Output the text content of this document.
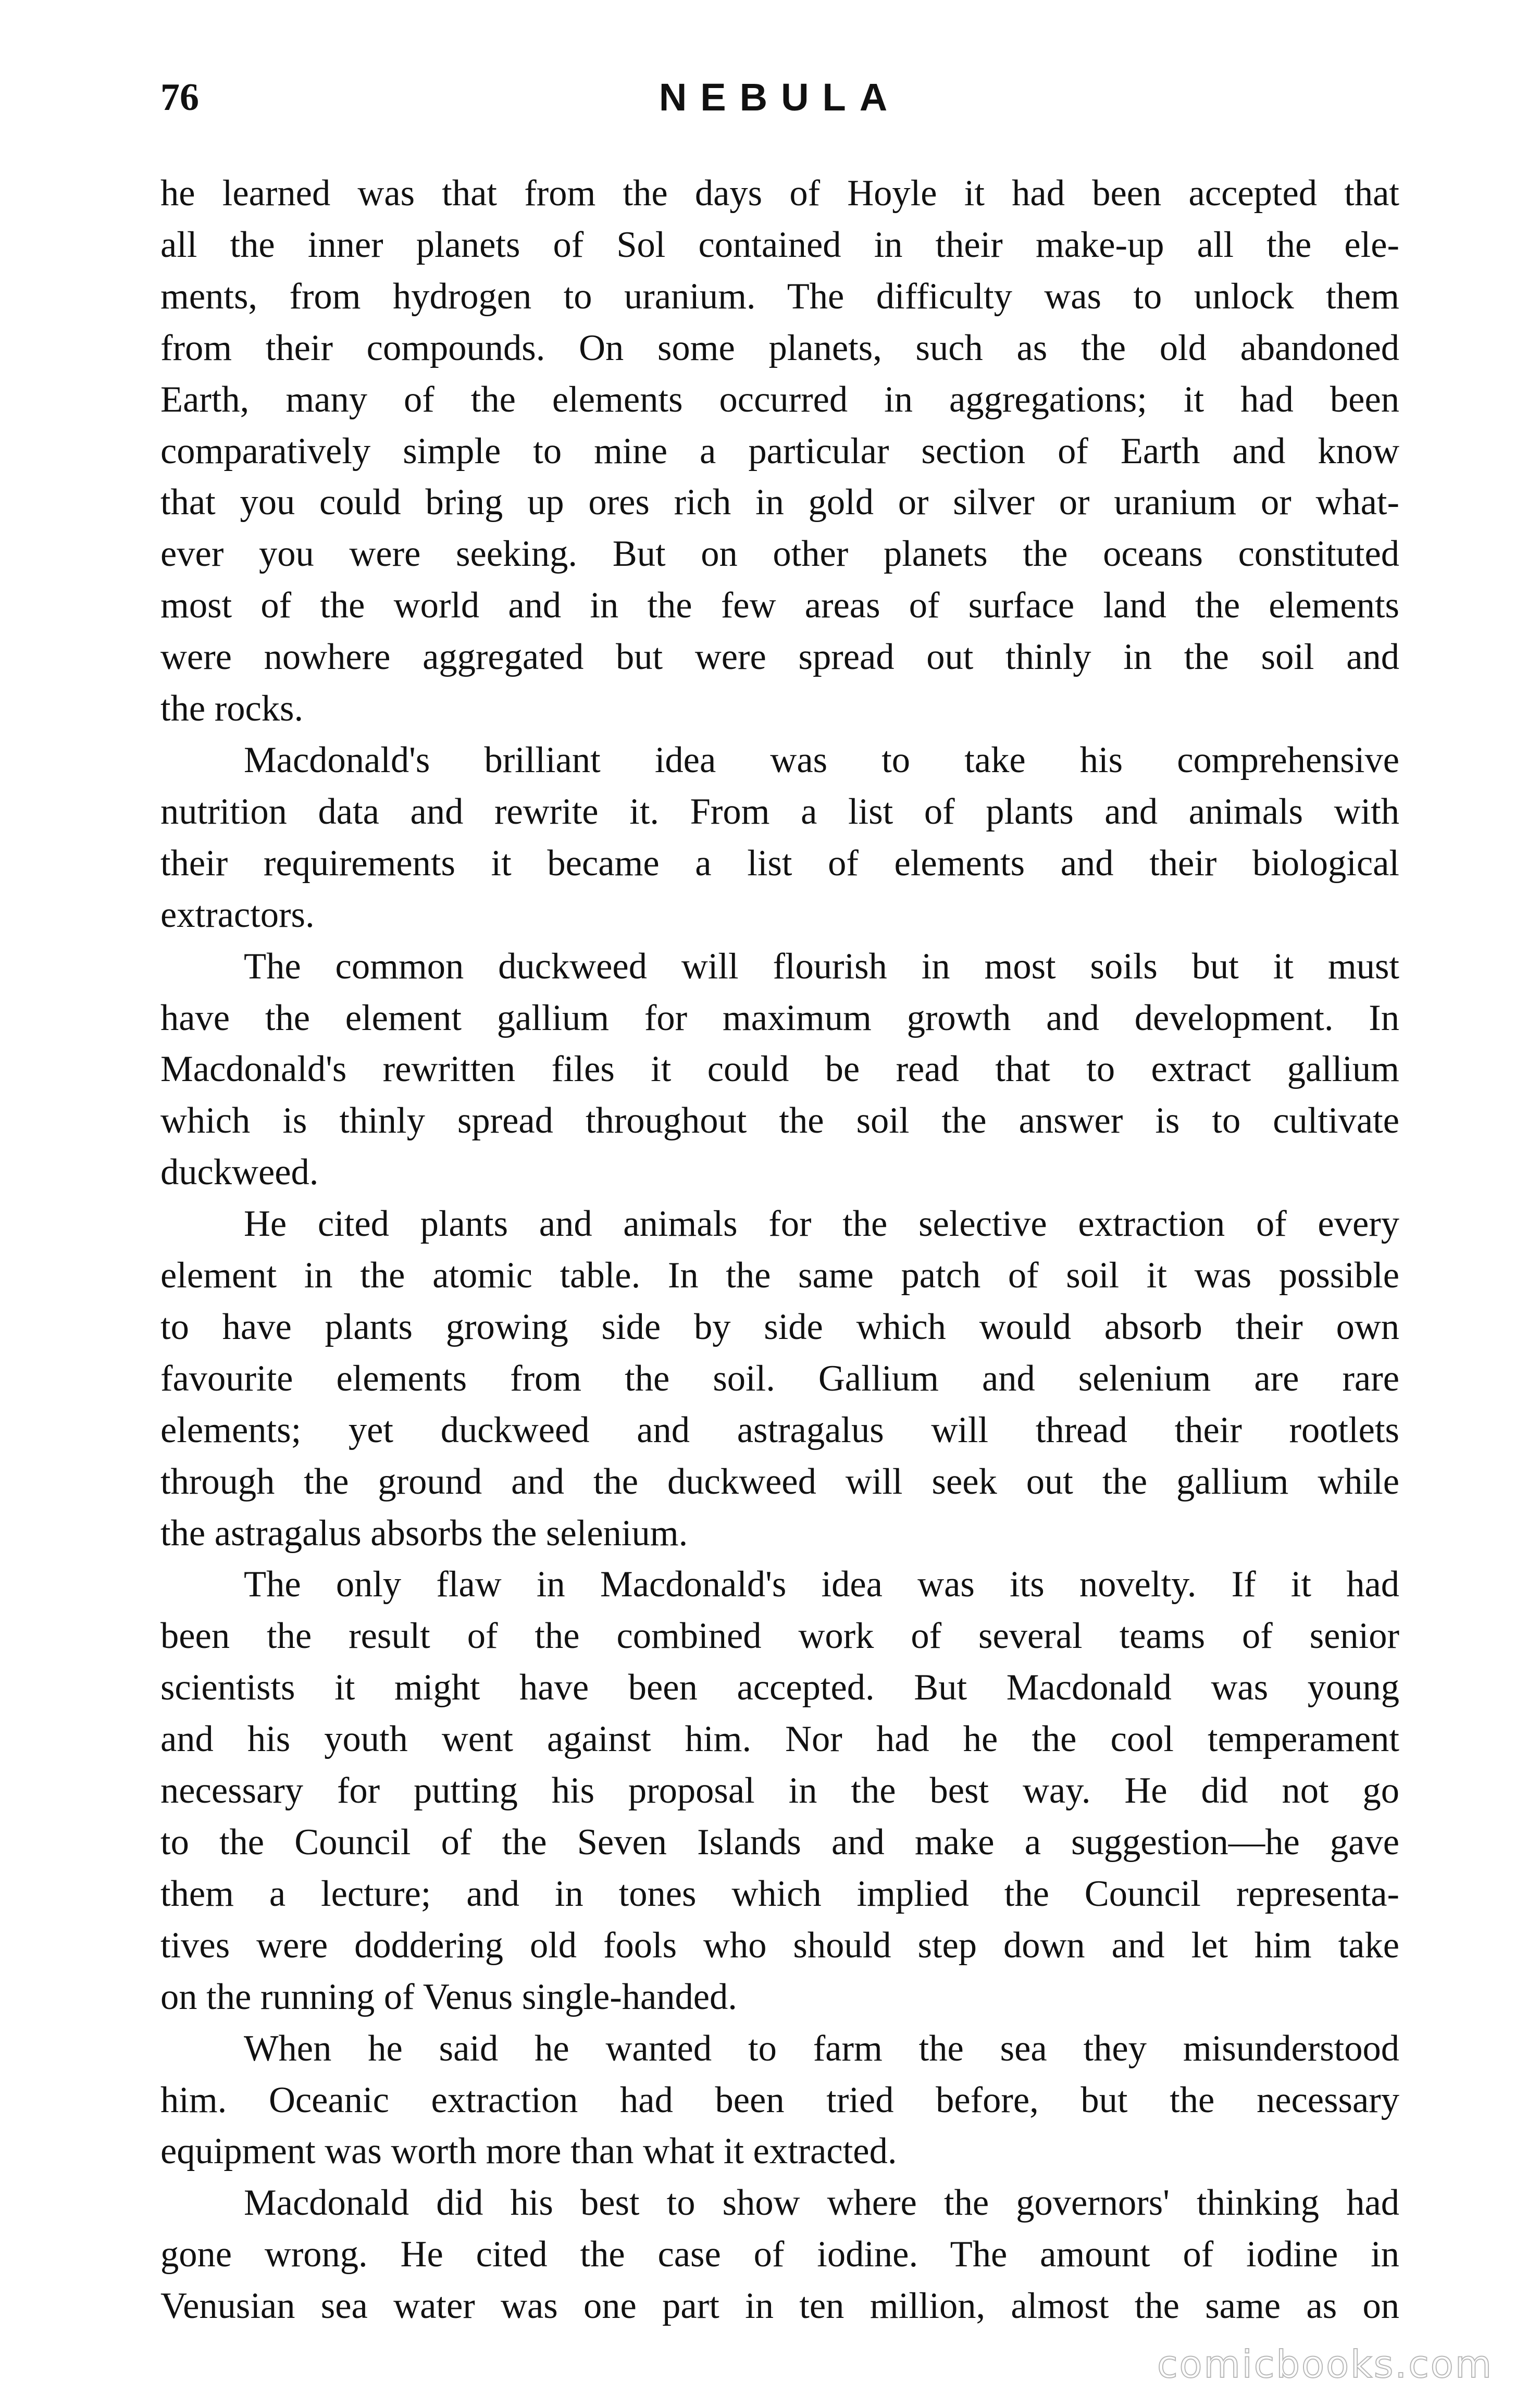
76	NEBULA
he learned was that from the days of Hoyle it had been accepted that
all the inner planets of Sol contained in their make-up all the ele-
ments, from hydrogen to uranium. The difficulty was to unlock them
from their compounds. On some planets, such as the old abandoned
Earth, many of the elements occurred in aggregations; it had been
comparatively simple to mine a particular section of Earth and know
that you could bring up ores rich in gold or silver or uranium or what-
ever you were seeking. But on other planets the oceans constituted
most of the world and in the few areas of surface land the elements
were nowhere aggregated but were spread out thinly in the soil and
the rocks.
Macdonald's brilliant idea was to take his comprehensive
nutrition data and rewrite it. From a list of plants and animals with
their requirements it became a list of elements and their biological
extractors.
The common duckweed will flourish in most soils but it must
have the element gallium for maximum growth and development. In
Macdonald's rewritten files it could be read that to extract gallium
which is thinly spread throughout the soil the answer is to cultivate
duckweed.
He cited plants and animals for the selective extraction of every
element in the atomic table. In the same patch of soil it was possible
to have plants growing side by side which would absorb their own
favourite elements from the soil. Gallium and selenium are rare
elements; yet duckweed and astragalus will thread their rootlets
through the ground and the duckweed will seek out the gallium while
the astragalus absorbs the selenium.
The only flaw in Macdonald's idea was its novelty. If it had
been the result of the combined work of several teams of senior
scientists it might have been accepted. But Macdonald was young
and his youth went against him. Nor had he the cool temperament
necessary for putting his proposal in the best way. He did not go
to the Council of the Seven Islands and make a suggestion—he gave
them a lecture; and in tones which implied the Council representa-
tives were doddering old fools who should step down and let him take
on the running of Venus single-handed.
When he said he wanted to farm the sea they misunderstood
him. Oceanic extraction had been tried before, but the necessary
equipment was worth more than what it extracted.
Macdonald did his best to show where the governors' thinking had
gone wrong. He cited the case of iodine. The amount of iodine in
Venusian sea water was one part in ten million, almost the same as on
comicbooks.com
